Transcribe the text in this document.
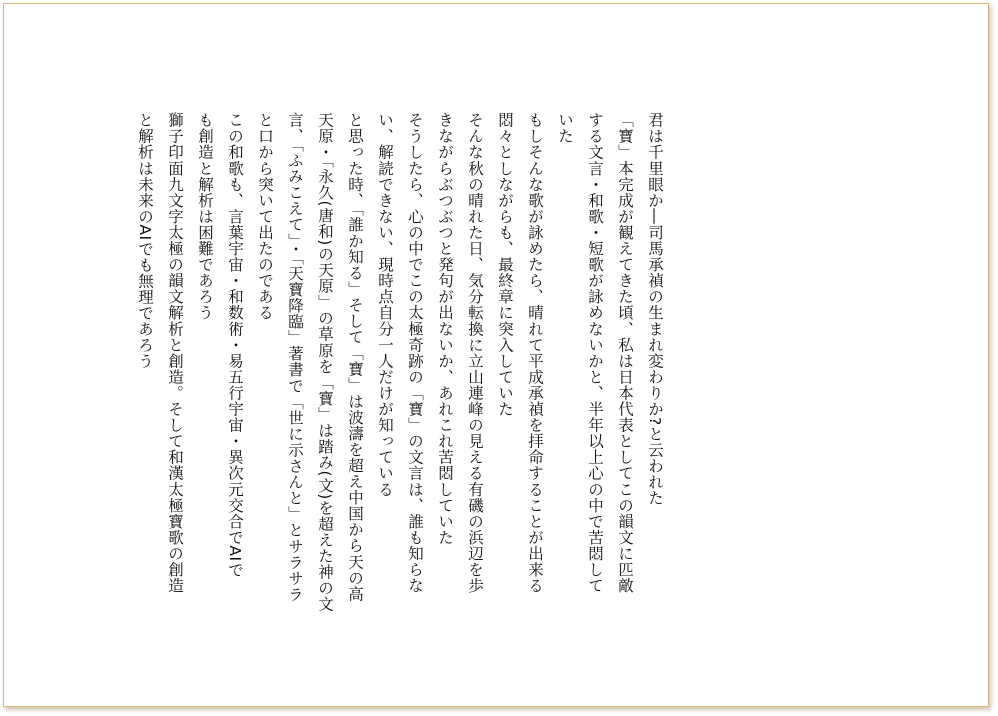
君は千里眼か―司馬承禎の生まれ変わりか?と云われた
「寶」本完成が観えてきた頃、私は日本代表としてこの韻文に匹敵
する文言・和歌・短歌が詠めないかと、半年以上心の中で苦悶して
いた
もしそんな歌が詠めたら、晴れて平成承禎を拝命することが出来る
悶々としながらも、最終章に突入していた
そんな秋の晴れた日、気分転換に立山連峰の見える有磯の浜辺を歩
きながらぶつぶつと発句が出ないか、あれこれ苦悶していた
そうしたら、心の中でこの太極奇跡の「寶」の文言は、誰も知らな
い、解読できない、現時点自分一人だけが知っている
と思った時、「誰か知る」そして「寶」は波濤を超え中国から天の高
天原・「永久(唐和)の天原」の草原を「寶」は踏み(文)を超えた神の文
言、「ふみこえて」・「天寶降臨」著書で「世に示さんと」とサラサラ
と口から突いて出たのである
この和歌も、言葉宇宙・和数術・易五行宇宙・異次元交合でAIで
も創造と解析は困難であろう
獅子印面九文字太極の韻文解析と創造。そして和漢太極寶歌の創造
と解析は未来のAIでも無理であろう
